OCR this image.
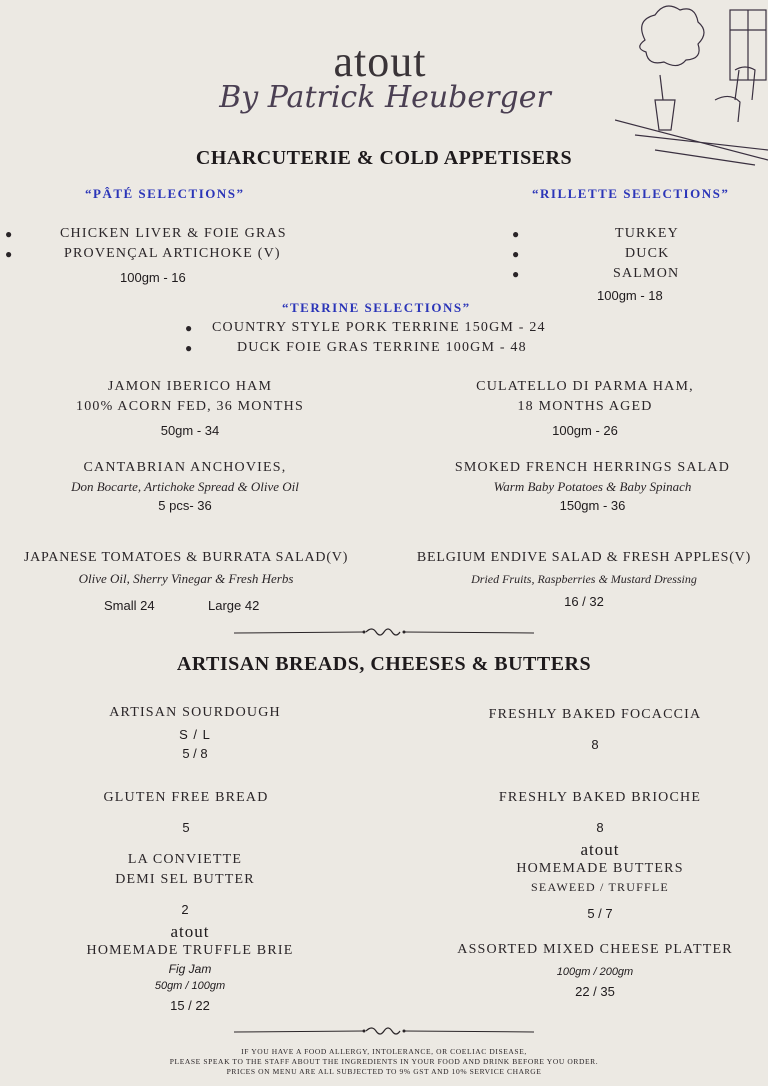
atout
By Patrick Heuberger
CHARCUTERIE & COLD APPETISERS
“PÂTÉ SELECTIONS”
●	CHICKEN LIVER & FOIE GRAS
●	PROVENÇAL ARTICHOKE (V)
100gm - 16
“RILLETTE SELECTIONS”
●	TURKEY
●	DUCK
●	SALMON
100gm - 18
“TERRINE SELECTIONS”
● COUNTRY STYLE PORK TERRINE 150GM - 24
●	DUCK FOIE GRAS TERRINE 100GM - 48
JAMON IBERICO HAM
100% ACORN FED, 36 MONTHS
50gm - 34
CULATELLO DI PARMA HAM,
18 MONTHS AGED
100gm - 26
CANTABRIAN ANCHOVIES,
Don Bocarte, Artichoke Spread & Olive Oil
5 pcs- 36
SMOKED FRENCH HERRINGS SALAD
Warm Baby Potatoes & Baby Spinach
150gm - 36
JAPANESE TOMATOES & BURRATA SALAD(V)
Olive Oil, Sherry Vinegar & Fresh Herbs
Small 24	Large 42
BELGIUM ENDIVE SALAD & FRESH APPLES(V)
Dried Fruits, Raspberries & Mustard Dressing
16 / 32
ARTISAN BREADS, CHEESES & BUTTERS
ARTISAN SOURDOUGH
S / L
5 / 8
FRESHLY BAKED FOCACCIA
8
GLUTEN FREE BREAD
5
FRESHLY BAKED BRIOCHE
8
LA CONVIETTE
DEMI SEL BUTTER
2
atout
HOMEMADE BUTTERS
SEAWEED / TRUFFLE
5 / 7
atout
HOMEMADE TRUFFLE BRIE
Fig Jam
50gm / 100gm
15 / 22
ASSORTED MIXED CHEESE PLATTER
100gm / 200gm
22 / 35
IF YOU HAVE A FOOD ALLERGY, INTOLERANCE, OR COELIAC DISEASE,
PLEASE SPEAK TO THE STAFF ABOUT THE INGREDIENTS IN YOUR FOOD AND DRINK BEFORE YOU ORDER.
PRICES ON MENU ARE ALL SUBJECTED TO 9% GST AND 10% SERVICE CHARGE
